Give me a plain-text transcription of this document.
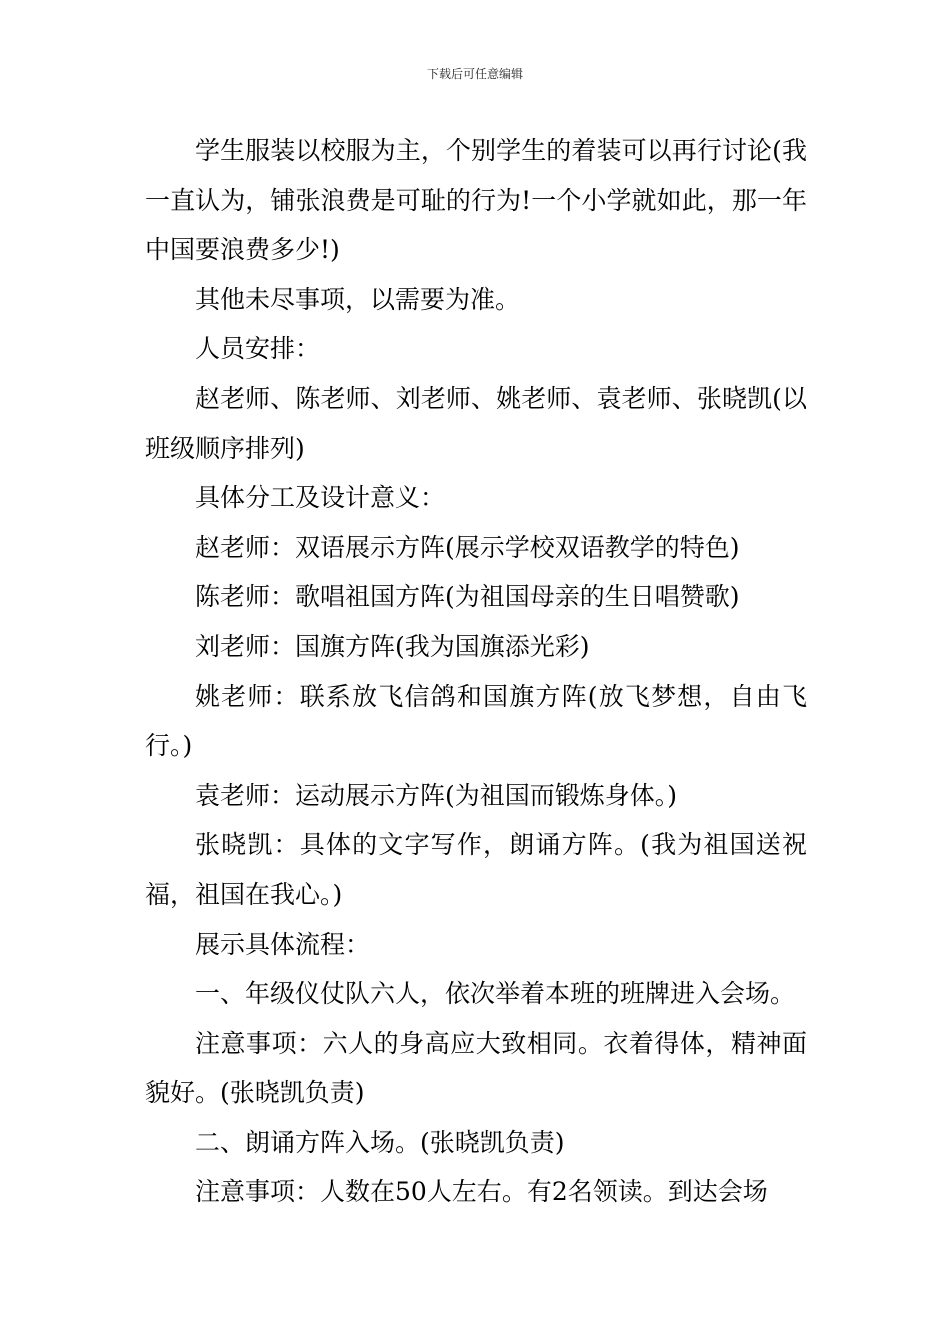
下载后可任意编辑

学生服装以校服为主，个别学生的着装可以再行讨论(我一直认为，铺张浪费是可耻的行为!一个小学就如此，那一年中国要浪费多少!)

其他未尽事项，以需要为准。

人员安排：

赵老师、陈老师、刘老师、姚老师、袁老师、张晓凯(以班级顺序排列)

具体分工及设计意义：

赵老师：双语展示方阵(展示学校双语教学的特色)

陈老师：歌唱祖国方阵(为祖国母亲的生日唱赞歌)

刘老师：国旗方阵(我为国旗添光彩)

姚老师：联系放飞信鸽和国旗方阵(放飞梦想，自由飞行。)

袁老师：运动展示方阵(为祖国而锻炼身体。)

张晓凯：具体的文字写作，朗诵方阵。(我为祖国送祝福，祖国在我心。)

展示具体流程：

一、年级仪仗队六人，依次举着本班的班牌进入会场。

注意事项：六人的身高应大致相同。衣着得体，精神面貌好。(张晓凯负责)

二、朗诵方阵入场。(张晓凯负责)

注意事项：人数在50人左右。有2名领读。到达会场
